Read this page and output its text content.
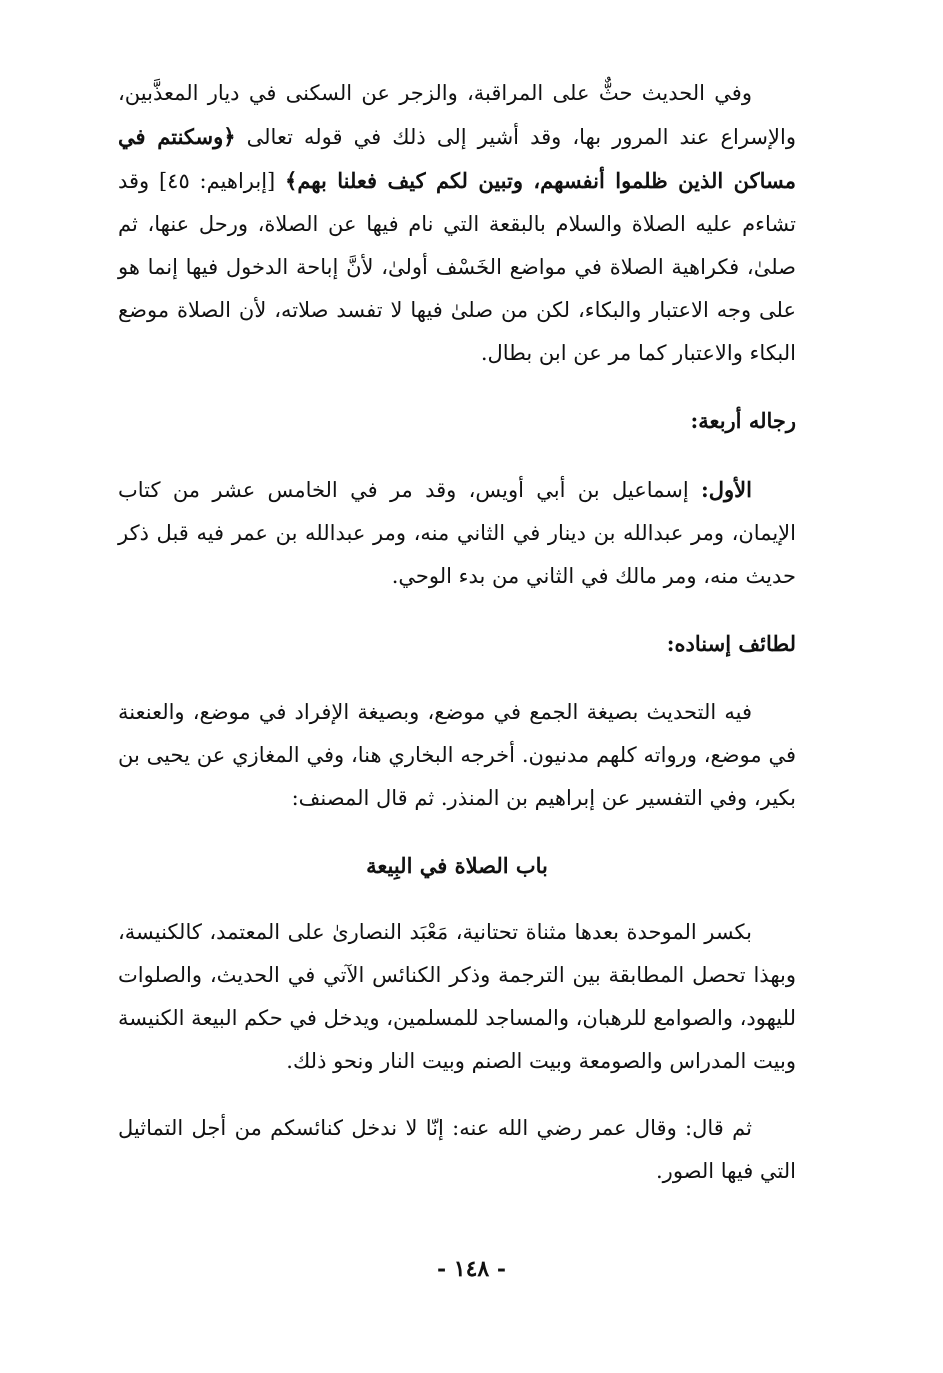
وفي الحديث حثٌّ على المراقبة، والزجر عن السكنى في ديار المعذَّبين، والإسراع عند المرور بها، وقد أشير إلى ذلك في قوله تعالى ﴿وسكنتم في مساكن الذين ظلموا أنفسهم، وتبين لكم كيف فعلنا بهم﴾ [إبراهيم: ٤٥] وقد تشاءم عليه الصلاة والسلام بالبقعة التي نام فيها عن الصلاة، ورحل عنها، ثم صلىٰ، فكراهية الصلاة في مواضع الخَسْف أولىٰ، لأنَّ إباحة الدخول فيها إنما هو على وجه الاعتبار والبكاء، لكن من صلىٰ فيها لا تفسد صلاته، لأن الصلاة موضع البكاء والاعتبار كما مر عن ابن بطال.

رجاله أربعة:

الأول: إسماعيل بن أبي أويس، وقد مر في الخامس عشر من كتاب الإيمان، ومر عبدالله بن دينار في الثاني منه، ومر عبدالله بن عمر فيه قبل ذكر حديث منه، ومر مالك في الثاني من بدء الوحي.

لطائف إسناده:

فيه التحديث بصيغة الجمع في موضع، وبصيغة الإفراد في موضع، والعنعنة في موضع، ورواته كلهم مدنيون. أخرجه البخاري هنا، وفي المغازي عن يحيى بن بكير، وفي التفسير عن إبراهيم بن المنذر. ثم قال المصنف:

باب الصلاة في البِيعة

بكسر الموحدة بعدها مثناة تحتانية، مَعْبَد النصارىٰ على المعتمد، كالكنيسة، وبهذا تحصل المطابقة بين الترجمة وذكر الكنائس الآتي في الحديث، والصلوات لليهود، والصوامع للرهبان، والمساجد للمسلمين، ويدخل في حكم البيعة الكنيسة وبيت المدراس والصومعة وبيت الصنم وبيت النار ونحو ذلك.

ثم قال: وقال عمر رضي الله عنه: إنّا لا ندخل كنائسكم من أجل التماثيل التي فيها الصور.

- ١٤٨ -
